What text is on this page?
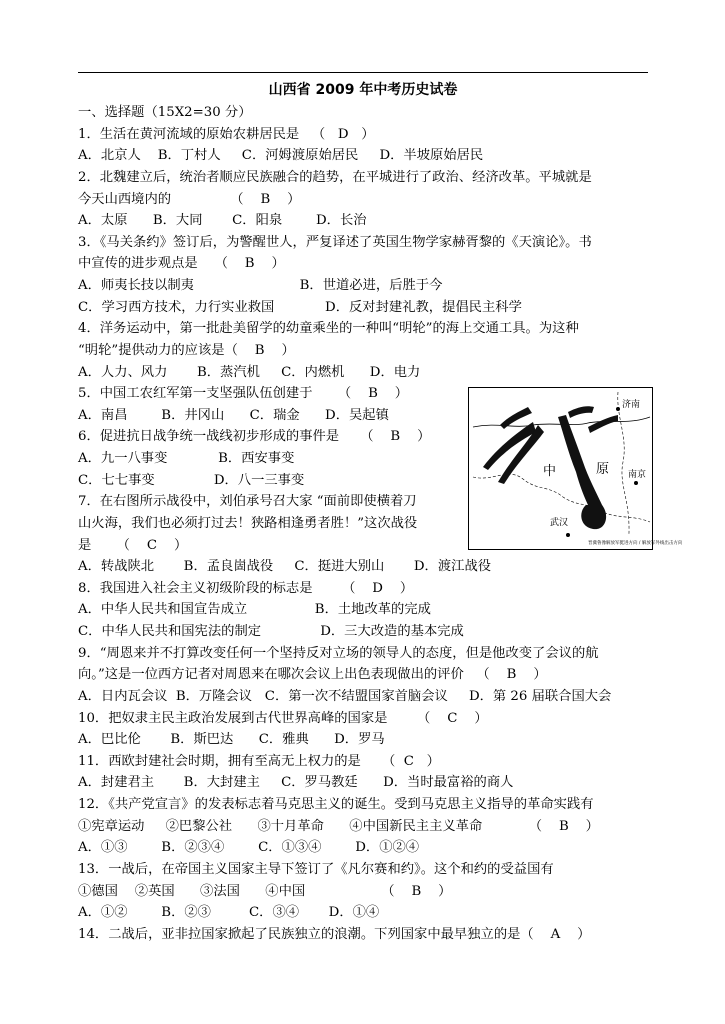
山西省 2009 年中考历史试卷
一、选择题（15X2=30 分）
1．生活在黄河流域的原始农耕居民是   （   D   ）
A．北京人    B．丁村人     C．河姆渡原始居民     D．半坡原始居民
2．北魏建立后，统治者顺应民族融合的趋势，在平城进行了政治、经济改革。平城就是
今天山西境内的              （    B    ）
A．太原      B．大同       C．阳泉        D．长治
3．《马关条约》签订后，为警醒世人，严复译述了英国生物学家赫胥黎的《天演论》。书
中宣传的进步观点是    （    B    ）
A．师夷长技以制夷                         B．世道必进，后胜于今
C．学习西方技术，力行实业救国            D．反对封建礼教，提倡民主科学
4．洋务运动中，第一批赴美留学的幼童乘坐的一种叫“明轮”的海上交通工具。为这种
“明轮”提供动力的应该是（    B    ）
A．人力、风力       B．蒸汽机     C．内燃机      D．电力
5．中国工农红军第一支坚强队伍创建于      （    B    ）
A．南昌        B．井冈山      C．瑞金      D．吴起镇
6．促进抗日战争统一战线初步形成的事件是     （    B    ）
A．九一八事变            B．西安事变
C．七七事变              D．八一三事变
7．在右图所示战役中，刘伯承号召大家 “面前即使横着刀
山火海，我们也必须打过去！狭路相逢勇者胜！”这次战役
是      （    C    ）
A．转战陕北       B．孟良崮战役     C．挺进大别山       D．渡江战役
8．我国进入社会主义初级阶段的标志是       （    D    ）
A．中华人民共和国宣告成立                B．土地改革的完成
C．中华人民共和国宪法的制定              D．三大改造的基本完成
9．“周恩来并不打算改变任何一个坚持反对立场的领导人的态度，但是他改变了会议的航
向。”这是一位西方记者对周恩来在哪次会议上出色表现做出的评价   （    B    ）
A．日内瓦会议  B．万隆会议   C．第一次不结盟国家首脑会议     D．第 26 届联合国大会
10．把奴隶主民主政治发展到古代世界高峰的国家是       （    C    ）
A．巴比伦       B．斯巴达      C．雅典      D．罗马
11．西欧封建社会时期，拥有至高无上权力的是     （  C   ）
A．封建君主       B．大封建主     C．罗马教廷      D．当时最富裕的商人
12．《共产党宣言》的发表标志着马克思主义的诞生。受到马克思主义指导的革命实践有
①宪章运动     ②巴黎公社      ③十月革命      ④中国新民主主义革命           （    B    ）
A．①③        B．②③④        C．①③④        D．①②④
13．一战后，在帝国主义国家主导下签订了《凡尔赛和约》。这个和约的受益国有
①德国    ②英国      ③法国      ④中国                  （    B    ）
A．①②        B．②③         C．③④       D．①④
14．二战后，亚非拉国家掀起了民族独立的浪潮。下列国家中最早独立的是（    A    ）
济南
南京
中	原
武汉
晋冀鲁豫解放军挺进方向 / 解放军外线出击方向
